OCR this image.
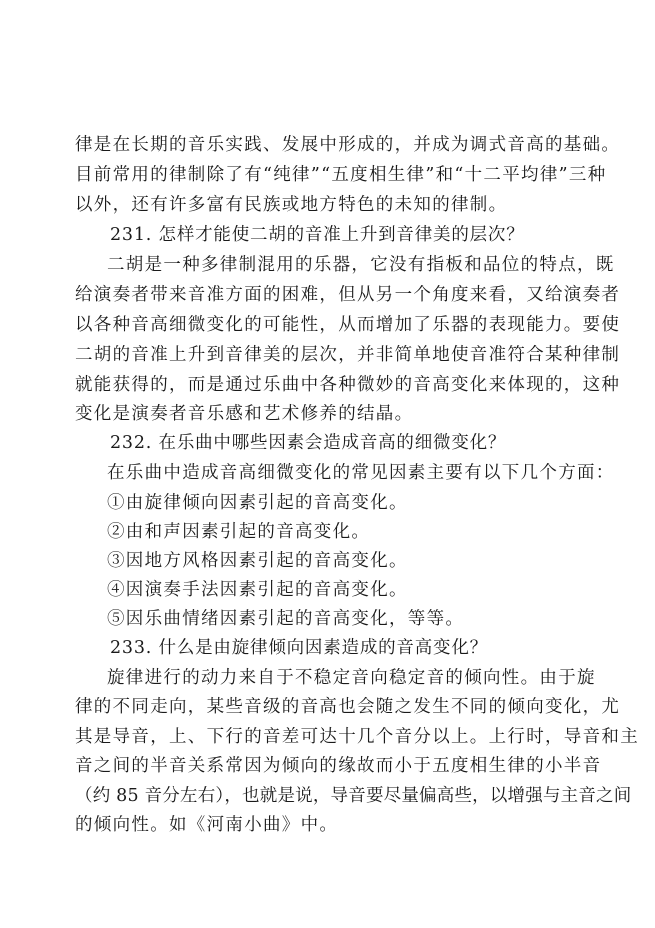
律是在长期的音乐实践、发展中形成的，并成为调式音高的基础。
目前常用的律制除了有“纯律”“五度相生律”和“十二平均律”三种
以外，还有许多富有民族或地方特色的未知的律制。
231. 怎样才能使二胡的音准上升到音律美的层次？
二胡是一种多律制混用的乐器，它没有指板和品位的特点，既
给演奏者带来音准方面的困难，但从另一个角度来看，又给演奏者
以各种音高细微变化的可能性，从而增加了乐器的表现能力。要使
二胡的音准上升到音律美的层次，并非简单地使音准符合某种律制
就能获得的，而是通过乐曲中各种微妙的音高变化来体现的，这种
变化是演奏者音乐感和艺术修养的结晶。
232. 在乐曲中哪些因素会造成音高的细微变化？
在乐曲中造成音高细微变化的常见因素主要有以下几个方面：
①由旋律倾向因素引起的音高变化。
②由和声因素引起的音高变化。
③因地方风格因素引起的音高变化。
④因演奏手法因素引起的音高变化。
⑤因乐曲情绪因素引起的音高变化，等等。
233. 什么是由旋律倾向因素造成的音高变化？
旋律进行的动力来自于不稳定音向稳定音的倾向性。由于旋
律的不同走向，某些音级的音高也会随之发生不同的倾向变化，尤
其是导音，上、下行的音差可达十几个音分以上。上行时，导音和主
音之间的半音关系常因为倾向的缘故而小于五度相生律的小半音
（约 85 音分左右），也就是说，导音要尽量偏高些，以增强与主音之间
的倾向性。如《河南小曲》中。
